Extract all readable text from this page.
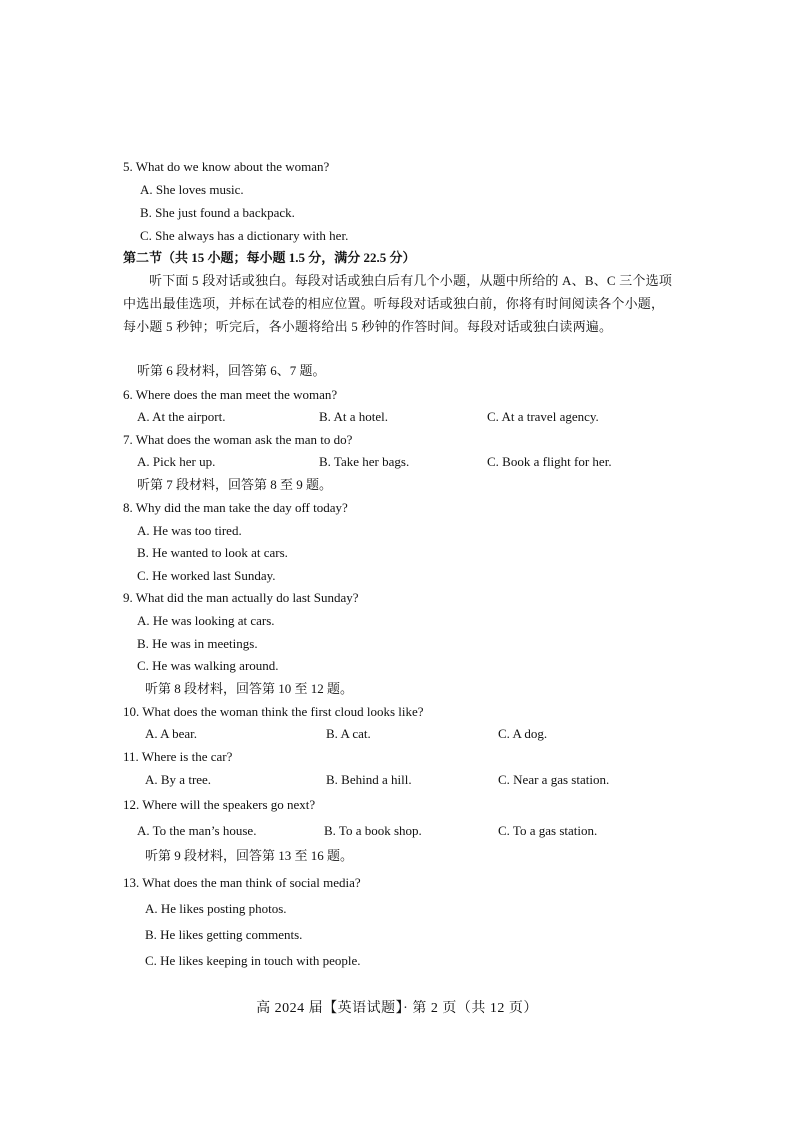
5. What do we know about the woman?
A. She loves music.
B. She just found a backpack.
C. She always has a dictionary with her.
第二节（共 15 小题；每小题 1.5 分，满分 22.5 分）
听下面 5 段对话或独白。每段对话或独白后有几个小题，从题中所给的 A、B、C 三个选项中选出最佳选项，并标在试卷的相应位置。听每段对话或独白前，你将有时间阅读各个小题，每小题 5 秒钟；听完后，各小题将给出 5 秒钟的作答时间。每段对话或独白读两遍。
听第 6 段材料，回答第 6、7 题。
6. Where does the man meet the woman?
A. At the airport.	B. At a hotel.	C. At a travel agency.
7. What does the woman ask the man to do?
A. Pick her up.	B. Take her bags.	C. Book a flight for her.
听第 7 段材料，回答第 8 至 9 题。
8. Why did the man take the day off today?
A. He was too tired.
B. He wanted to look at cars.
C. He worked last Sunday.
9. What did the man actually do last Sunday?
A. He was looking at cars.
B. He was in meetings.
C. He was walking around.
听第 8 段材料，回答第 10 至 12 题。
10. What does the woman think the first cloud looks like?
A. A bear.	B. A cat.	C. A dog.
11. Where is the car?
A. By a tree.	B. Behind a hill.	C. Near a gas station.
12. Where will the speakers go next?
A. To the man’s house.	B. To a book shop.	C. To a gas station.
听第 9 段材料，回答第 13 至 16 题。
13. What does the man think of social media?
A. He likes posting photos.
B. He likes getting comments.
C. He likes keeping in touch with people.
高 2024 届【英语试题】· 第 2 页（共 12 页）
